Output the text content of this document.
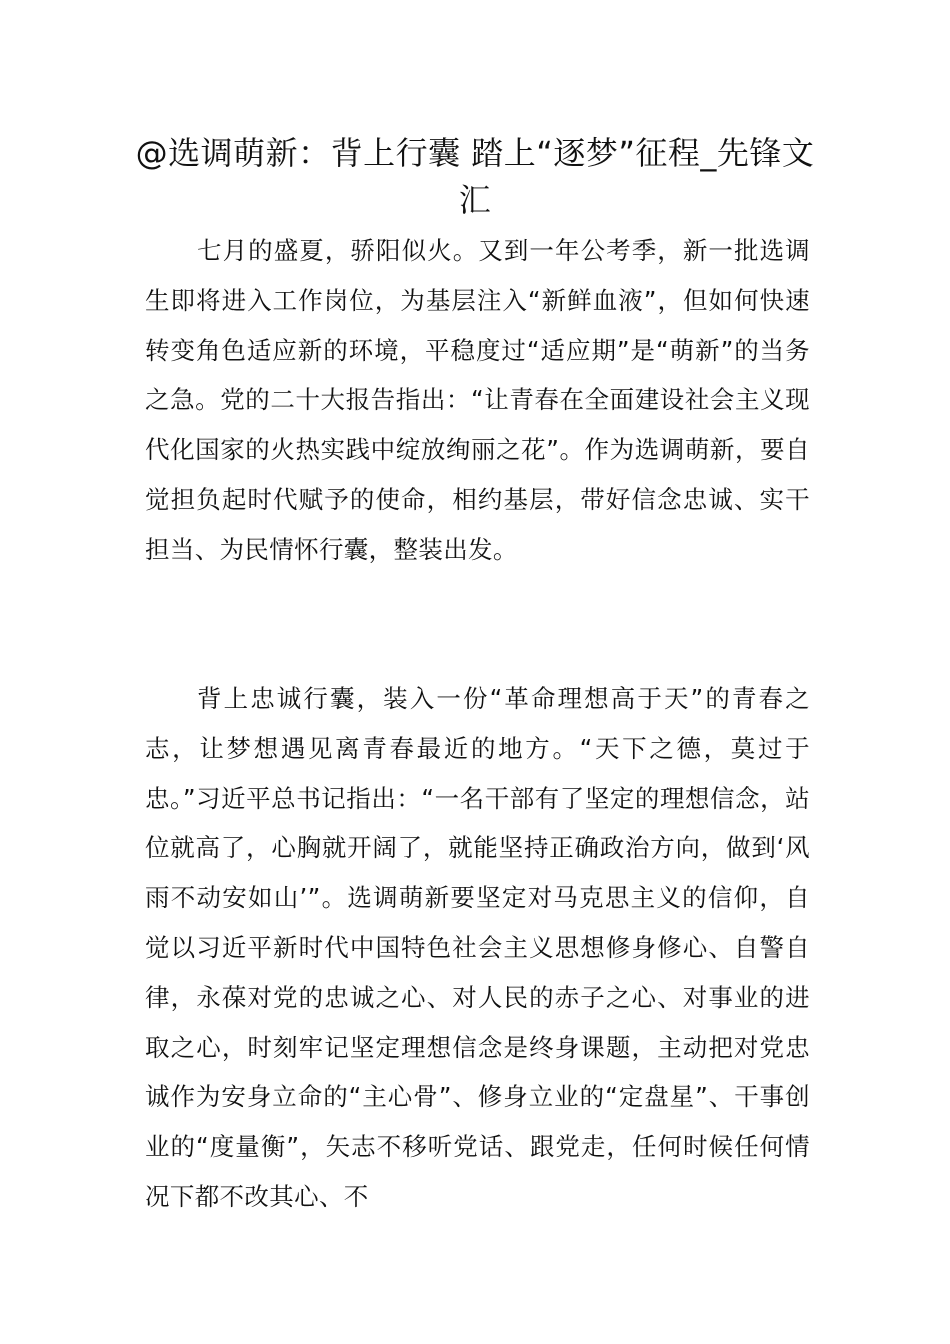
@选调萌新：背上行囊 踏上“逐梦”征程_先锋文汇

七月的盛夏，骄阳似火。又到一年公考季，新一批选调生即将进入工作岗位，为基层注入“新鲜血液”，但如何快速转变角色适应新的环境，平稳度过“适应期”是“萌新”的当务之急。党的二十大报告指出：“让青春在全面建设社会主义现代化国家的火热实践中绽放绚丽之花”。作为选调萌新，要自觉担负起时代赋予的使命，相约基层，带好信念忠诚、实干担当、为民情怀行囊，整装出发。

背上忠诚行囊，装入一份“革命理想高于天”的青春之志，让梦想遇见离青春最近的地方。“天下之德，莫过于忠。”习近平总书记指出：“一名干部有了坚定的理想信念，站位就高了，心胸就开阔了，就能坚持正确政治方向，做到‘风雨不动安如山’”。选调萌新要坚定对马克思主义的信仰，自觉以习近平新时代中国特色社会主义思想修身修心、自警自律，永葆对党的忠诚之心、对人民的赤子之心、对事业的进取之心，时刻牢记坚定理想信念是终身课题，主动把对党忠诚作为安身立命的“主心骨”、修身立业的“定盘星”、干事创业的“度量衡”，矢志不移听党话、跟党走，任何时候任何情况下都不改其心、不
